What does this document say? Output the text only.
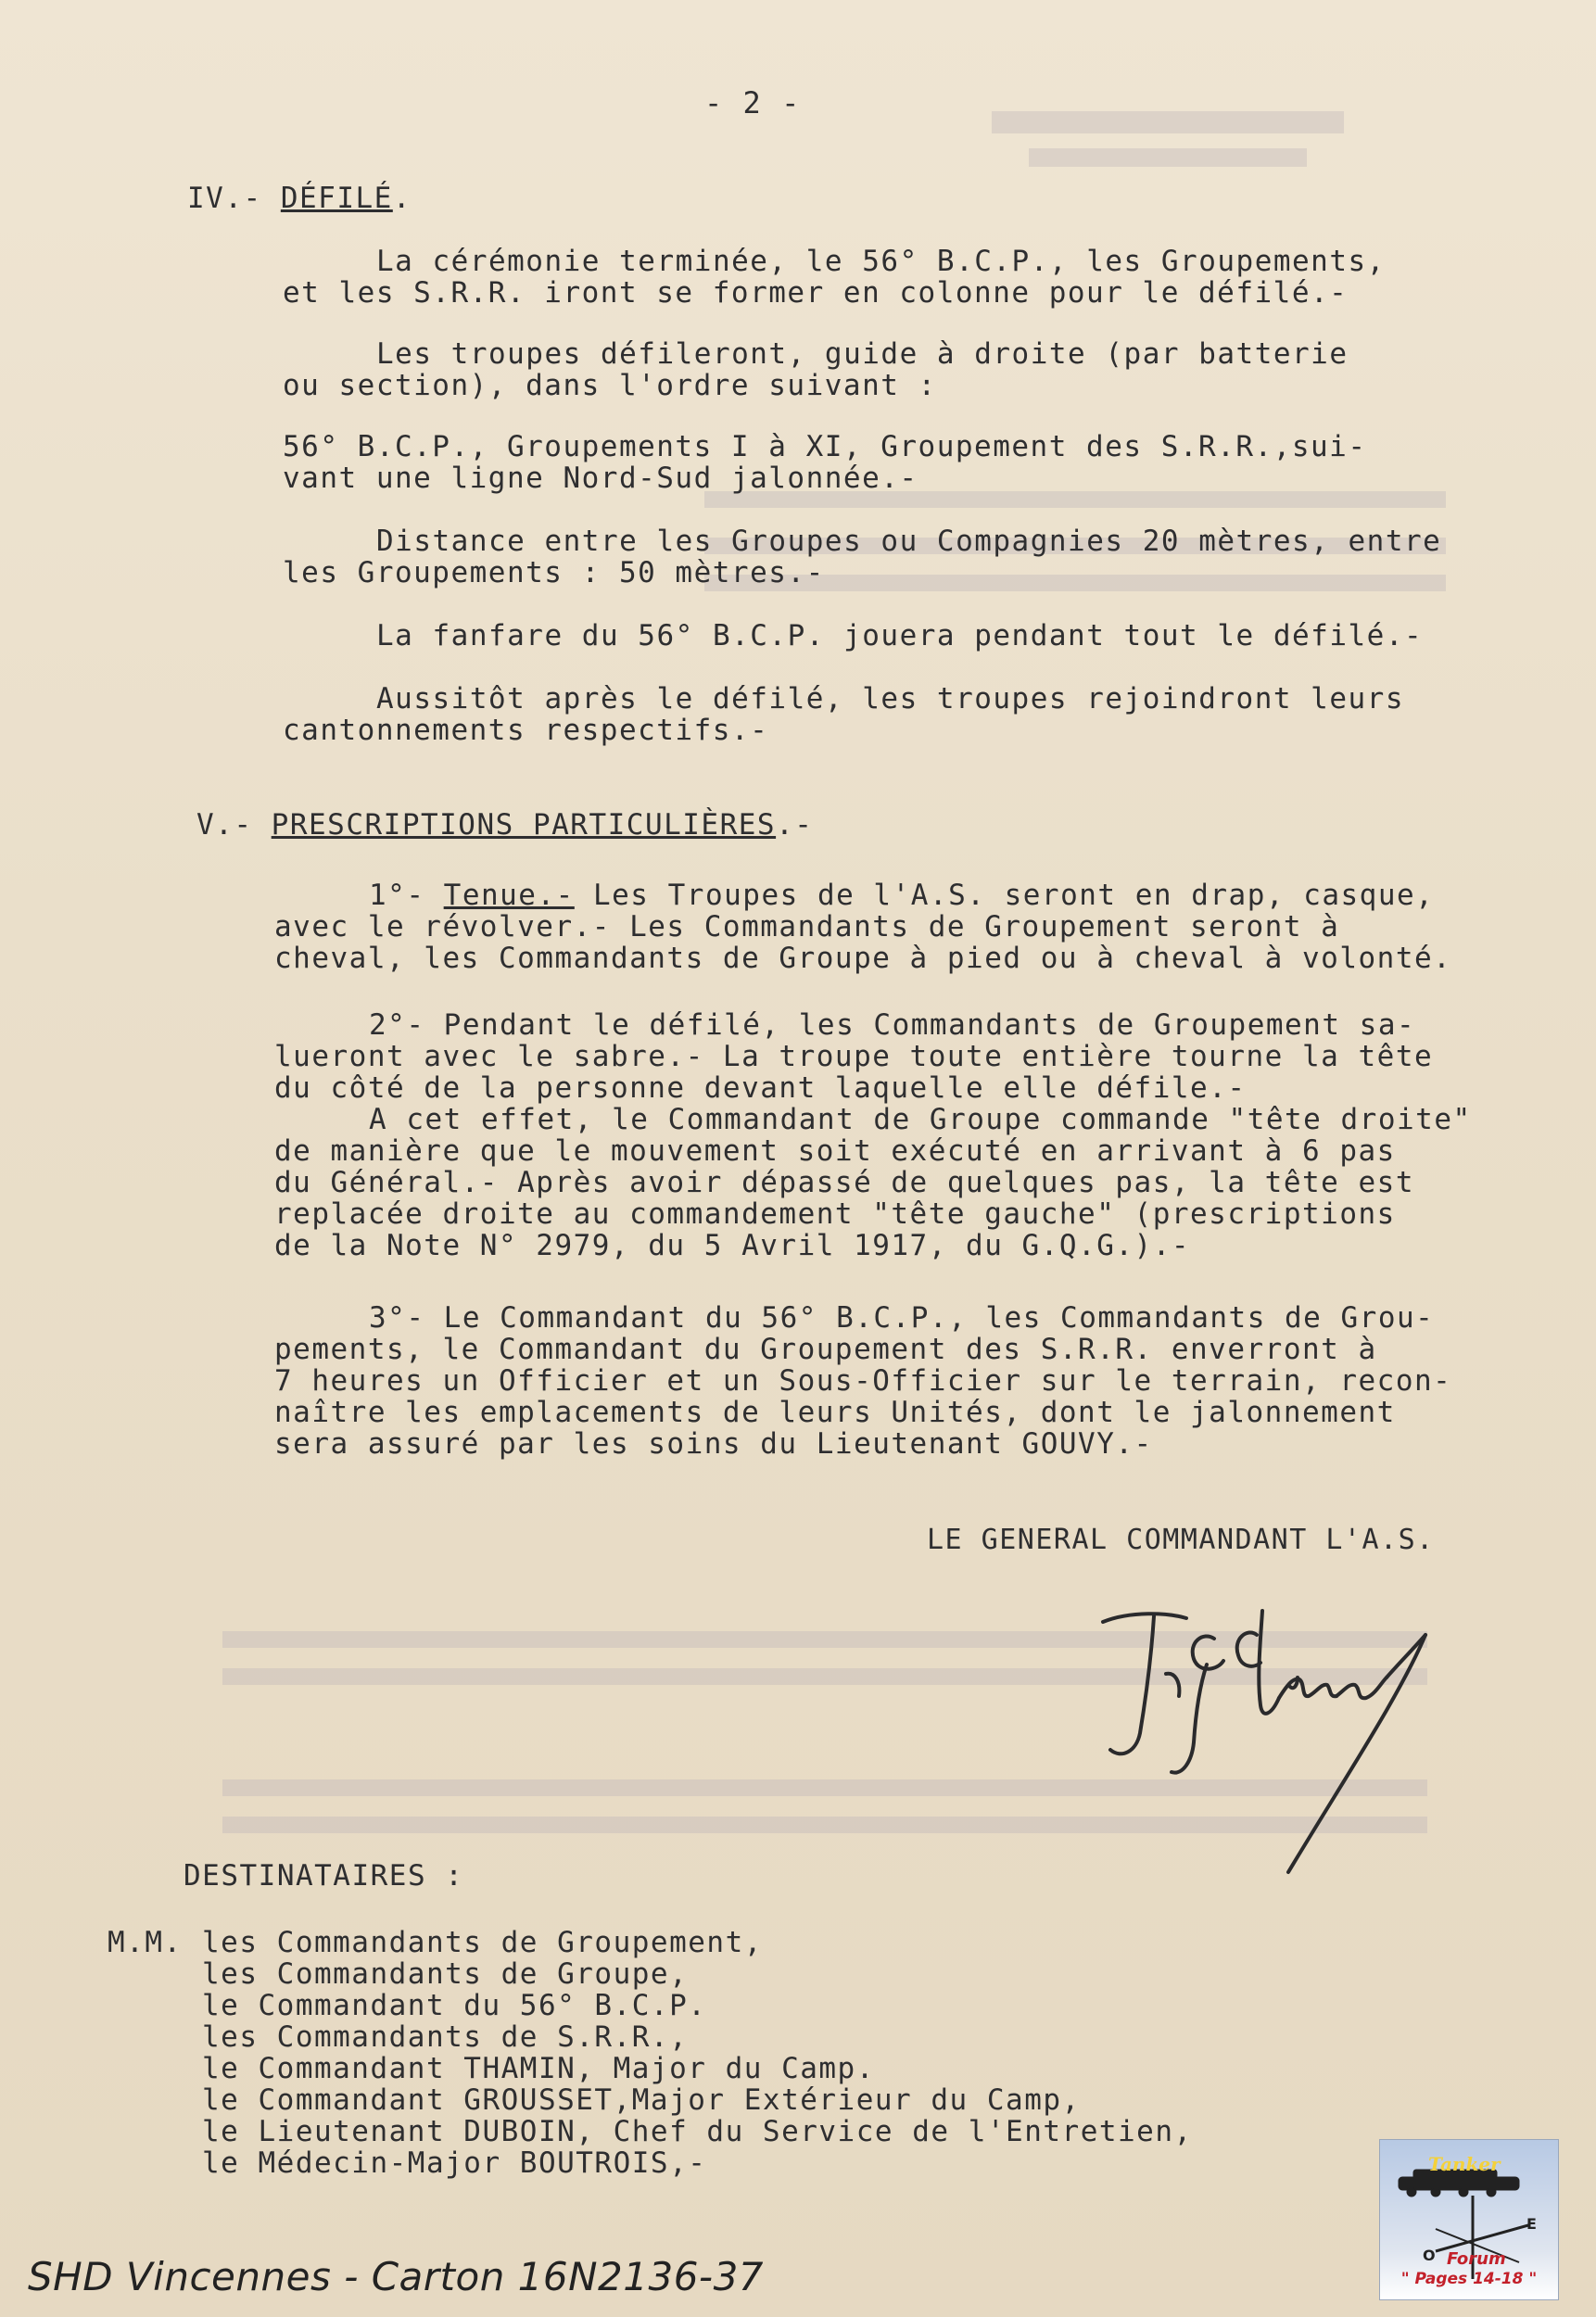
- 2 -
IV.- DÉFILÉ.
La cérémonie terminée, le 56° B.C.P., les Groupements,
et les S.R.R. iront se former en colonne pour le défilé.-
Les troupes défileront, guide à droite (par batterie
ou section), dans l'ordre suivant :
56° B.C.P., Groupements I à XI, Groupement des S.R.R.,sui-
vant une ligne Nord-Sud jalonnée.-
Distance entre les Groupes ou Compagnies 20 mètres, entre
les Groupements : 50 mètres.-
La fanfare du 56° B.C.P. jouera pendant tout le défilé.-
Aussitôt après le défilé, les troupes rejoindront leurs
cantonnements respectifs.-
V.- PRESCRIPTIONS PARTICULIÈRES.-
1°- Tenue.- Les Troupes de l'A.S. seront en drap, casque,
avec le révolver.- Les Commandants de Groupement seront à
cheval, les Commandants de Groupe à pied ou à cheval à volonté.
2°- Pendant le défilé, les Commandants de Groupement sa-
lueront avec le sabre.- La troupe toute entière tourne la tête
du côté de la personne devant laquelle elle défile.-
A cet effet, le Commandant de Groupe commande "tête droite"
de manière que le mouvement soit exécuté en arrivant à 6 pas
du Général.- Après avoir dépassé de quelques pas, la tête est
replacée droite au commandement "tête gauche" (prescriptions
de la Note N° 2979, du 5 Avril 1917, du G.Q.G.).-
3°- Le Commandant du 56° B.C.P., les Commandants de Grou-
pements, le Commandant du Groupement des S.R.R. enverront à
7 heures un Officier et un Sous-Officier sur le terrain, recon-
naître les emplacements de leurs Unités, dont le jalonnement
sera assuré par les soins du Lieutenant GOUVY.-
LE GENERAL COMMANDANT L'A.S.
DESTINATAIRES :
M.M. les Commandants de Groupement,
les Commandants de Groupe,
le Commandant du 56° B.C.P.
les Commandants de S.R.R.,
le Commandant THAMIN, Major du Camp.
le Commandant GROUSSET,Major Extérieur du Camp,
le Lieutenant DUBOIN, Chef du Service de l'Entretien,
le Médecin-Major BOUTROIS,-
SHD Vincennes - Carton 16N2136-37
E
O
Tanker
Forum
" Pages 14-18 "
